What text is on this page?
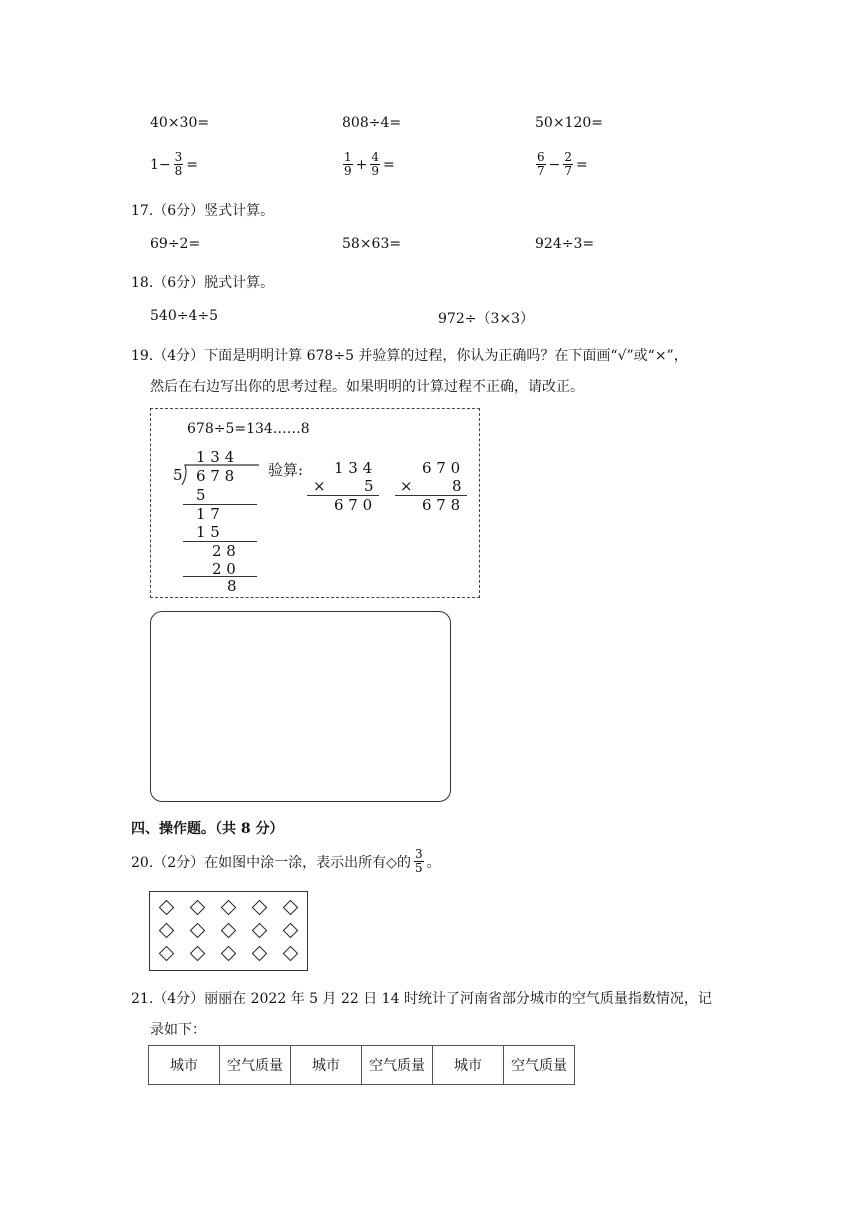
40×30=	808÷4=	50×120=
$1- \frac{3}{8}$ =	$\frac{1}{9} + \frac{4}{9}$ =	$\frac{6}{7} - \frac{2}{7}$ =
17.（6分）竖式计算。
69÷2=	58×63=	924÷3=
18.（6分）脱式计算。
540÷4÷5	972÷（3×3）
19.（4分）下面是明明计算 678÷5 并验算的过程，你认为正确吗？在下面画“√”或“×”，
然后在右边写出你的思考过程。如果明明的计算过程不正确，请改正。
678÷5=134……8
1 3 4
5 6 7 8
5
1 7
1 5
2 8
2 0
8
验算: 1 3 4
×	5
6 7 0
6 7 0
×	8
6 7 8
四、操作题。（共 8 分）
20.（2分）在如图中涂一涂，表示出所有◇的 $\frac{3}{5}$ 。
21.（4分）丽丽在 2022 年 5 月 22 日 14 时统计了河南省部分城市的空气质量指数情况，记
录如下：
城市	空气质量	城市	空气质量	城市	空气质量
